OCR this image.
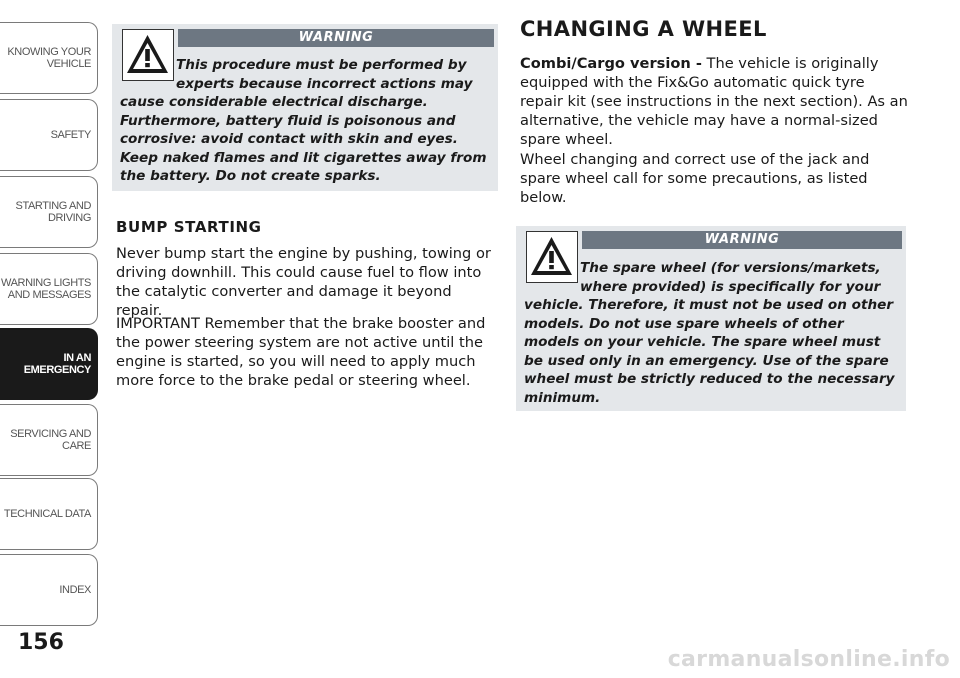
KNOWING YOUR VEHICLE
SAFETY
STARTING AND DRIVING
WARNING LIGHTS AND MESSAGES
IN AN EMERGENCY
SERVICING AND CARE
TECHNICAL DATA
INDEX
156
WARNING
This procedure must be performed by experts because incorrect actions may
cause considerable electrical discharge. Furthermore, battery fluid is poisonous and corrosive: avoid contact with skin and eyes. Keep naked flames and lit cigarettes away from the battery. Do not create sparks.
BUMP STARTING
Never bump start the engine by pushing, towing or driving downhill. This could cause fuel to flow into the catalytic converter and damage it beyond repair.
IMPORTANT Remember that the brake booster and the power steering system are not active until the engine is started, so you will need to apply much more force to the brake pedal or steering wheel.
CHANGING A WHEEL
Combi/Cargo version - The vehicle is originally equipped with the Fix&Go automatic quick tyre repair kit (see instructions in the next section). As an alternative, the vehicle may have a normal-sized spare wheel.
Wheel changing and correct use of the jack and spare wheel call for some precautions, as listed below.
WARNING
The spare wheel (for versions/markets, where provided) is specifically for your
vehicle. Therefore, it must not be used on other models. Do not use spare wheels of other models on your vehicle. The spare wheel must be used only in an emergency. Use of the spare wheel must be strictly reduced to the necessary minimum.
carmanualsonline.info
